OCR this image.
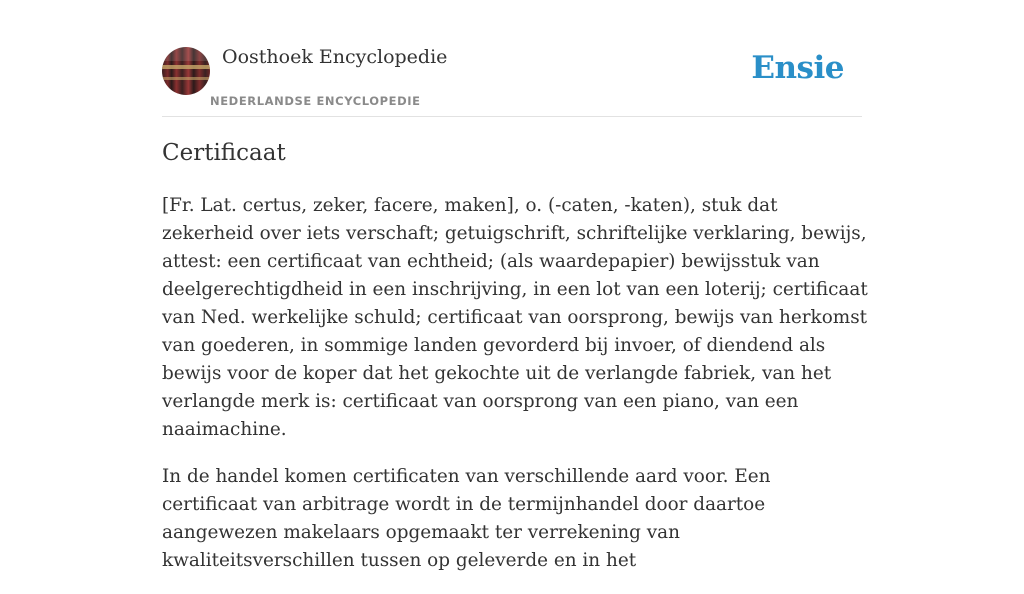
Oosthoek Encyclopedie
NEDERLANDSE ENCYCLOPEDIE
Ensie
Certificaat

[Fr. Lat. certus, zeker, facere, maken], o. (-caten, -katen), stuk dat zekerheid over iets verschaft; getuigschrift, schriftelijke verklaring, bewijs, attest: een certificaat van echtheid; (als waardepapier) bewijsstuk van deelgerechtigdheid in een inschrijving, in een lot van een loterij; certificaat van Ned. werkelijke schuld; certificaat van oorsprong, bewijs van herkomst van goederen, in sommige landen gevorderd bij invoer, of diendend als bewijs voor de koper dat het gekochte uit de verlangde fabriek, van het verlangde merk is: certificaat van oorsprong van een piano, van een naaimachine.

In de handel komen certificaten van verschillende aard voor. Een certificaat van arbitrage wordt in de termijnhandel door daartoe aangewezen makelaars opgemaakt ter verrekening van kwaliteitsverschillen tussen op geleverde en in het
